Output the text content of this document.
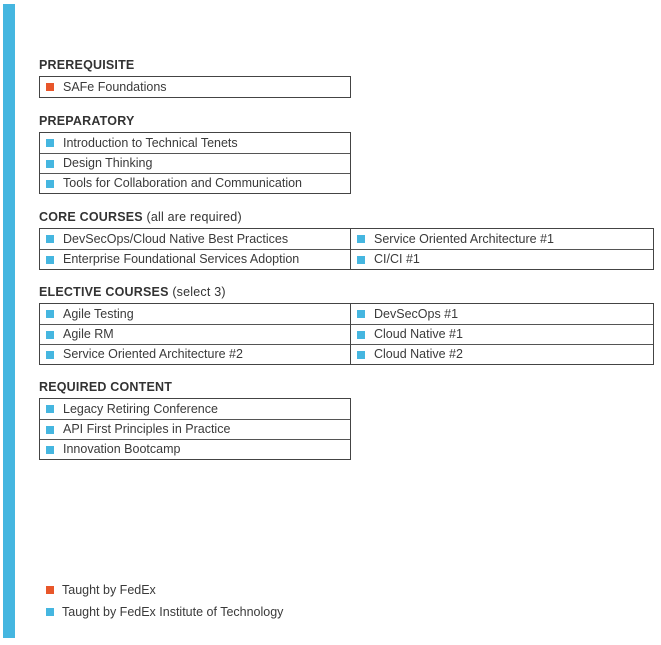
PREREQUISITE
SAFe Foundations
PREPARATORY
Introduction to Technical Tenets
Design Thinking
Tools for Collaboration and Communication
CORE COURSES (all are required)
DevSecOps/Cloud Native Best Practices
Enterprise Foundational Services Adoption
Service Oriented Architecture #1
CI/CI #1
ELECTIVE COURSES (select 3)
Agile Testing
Agile RM
Service Oriented Architecture #2
DevSecOps #1
Cloud Native #1
Cloud Native #2
REQUIRED CONTENT
Legacy Retiring Conference
API First Principles in Practice
Innovation Bootcamp
Taught by FedEx
Taught by FedEx Institute of Technology
